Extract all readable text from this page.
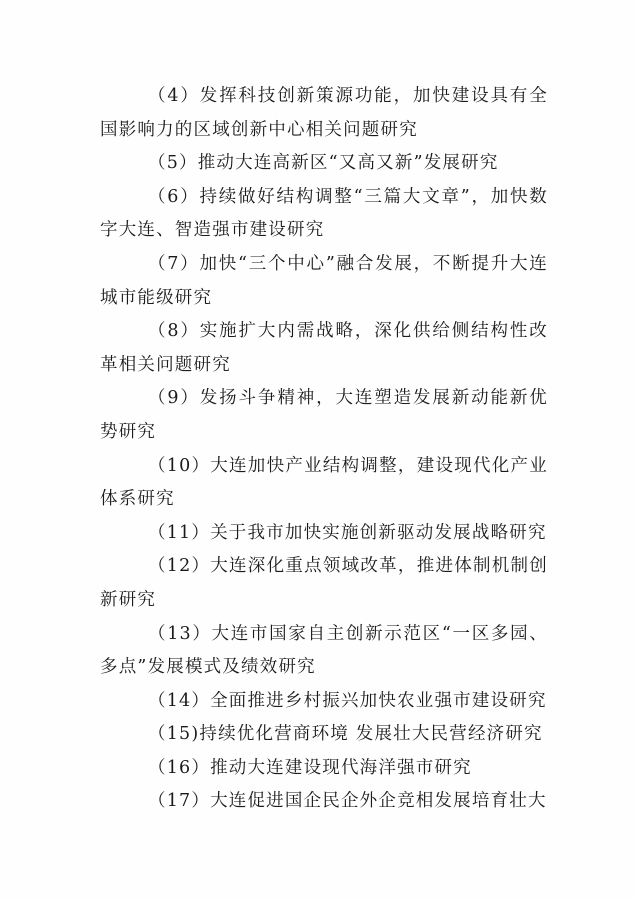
（4）发挥科技创新策源功能，加快建设具有全国影响力的区域创新中心相关问题研究

（5）推动大连高新区“又高又新”发展研究

（6）持续做好结构调整“三篇大文章”，加快数字大连、智造强市建设研究

（7）加快“三个中心”融合发展，不断提升大连城市能级研究

（8）实施扩大内需战略，深化供给侧结构性改革相关问题研究

（9）发扬斗争精神，大连塑造发展新动能新优势研究

（10）大连加快产业结构调整，建设现代化产业体系研究

（11）关于我市加快实施创新驱动发展战略研究

（12）大连深化重点领域改革，推进体制机制创新研究

（13）大连市国家自主创新示范区“一区多园、多点”发展模式及绩效研究

（14）全面推进乡村振兴加快农业强市建设研究

（15)持续优化营商环境 发展壮大民营经济研究

（16）推动大连建设现代海洋强市研究

（17）大连促进国企民企外企竞相发展培育壮大
